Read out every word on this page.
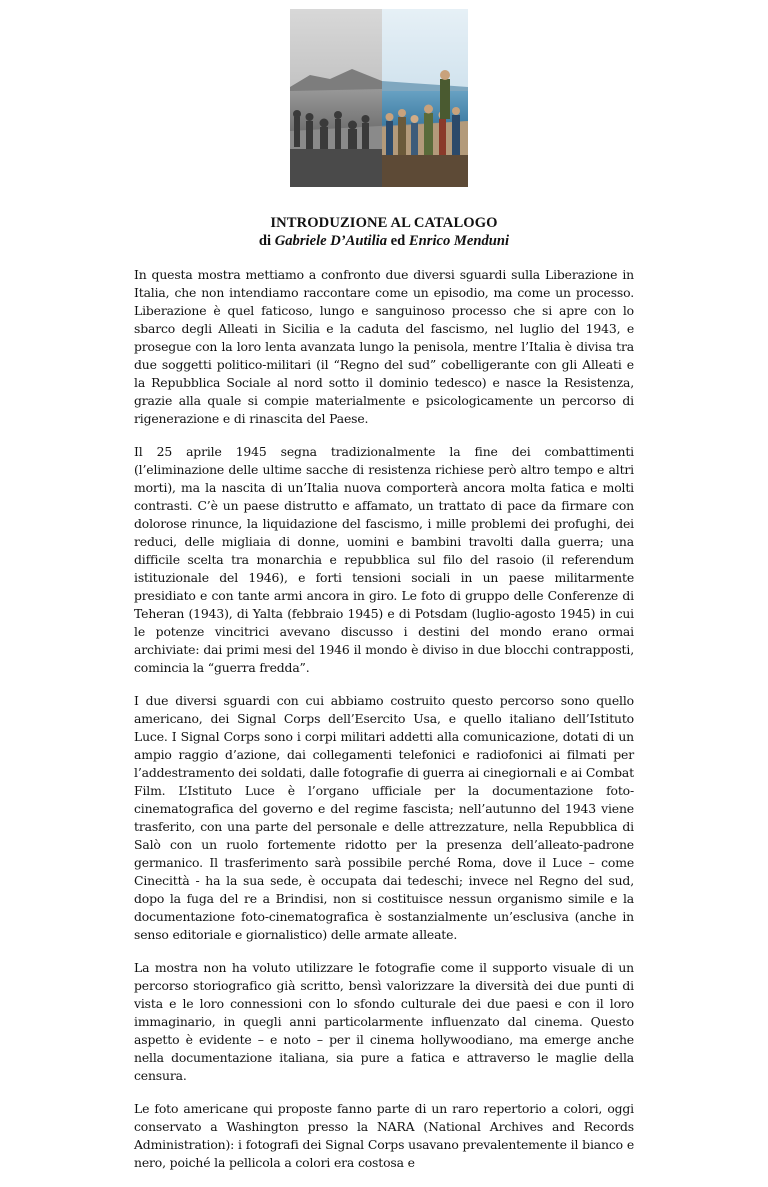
INTRODUZIONE AL CATALOGO
di Gabriele D’Autilia ed Enrico Menduni

In questa mostra mettiamo a confronto due diversi sguardi sulla Liberazione in Italia, che non intendiamo raccontare come un episodio, ma come un processo. Liberazione è quel faticoso, lungo e sanguinoso processo che si apre con lo sbarco degli Alleati in Sicilia e la caduta del fascismo, nel luglio del 1943, e prosegue con la loro lenta avanzata lungo la penisola, mentre l’Italia è divisa tra due soggetti politico-militari (il “Regno del sud” cobelligerante con gli Alleati e la Repubblica Sociale al nord sotto il dominio tedesco) e nasce la Resistenza, grazie alla quale si compie materialmente e psicologicamente un percorso di rigenerazione e di rinascita del Paese.

Il 25 aprile 1945 segna tradizionalmente la fine dei combattimenti (l’eliminazione delle ultime sacche di resistenza richiese però altro tempo e altri morti), ma la nascita di un’Italia nuova comporterà ancora molta fatica e molti contrasti. C’è un paese distrutto e affamato, un trattato di pace da firmare con dolorose rinunce, la liquidazione del fascismo, i mille problemi dei profughi, dei reduci, delle migliaia di donne, uomini e bambini travolti dalla guerra; una difficile scelta tra monarchia e repubblica sul filo del rasoio (il referendum istituzionale del 1946), e forti tensioni sociali in un paese militarmente presidiato e con tante armi ancora in giro. Le foto di gruppo delle Conferenze di Teheran (1943), di Yalta (febbraio 1945) e di Potsdam (luglio-agosto 1945) in cui le potenze vincitrici avevano discusso i destini del mondo erano ormai archiviate: dai primi mesi del 1946 il mondo è diviso in due blocchi contrapposti, comincia la “guerra fredda”.

I due diversi sguardi con cui abbiamo costruito questo percorso sono quello americano, dei Signal Corps dell’Esercito Usa, e quello italiano dell’Istituto Luce. I Signal Corps sono i corpi militari addetti alla comunicazione, dotati di un ampio raggio d’azione, dai collegamenti telefonici e radiofonici ai filmati per l’addestramento dei soldati, dalle fotografie di guerra ai cinegiornali e ai Combat Film. L’Istituto Luce è l’organo ufficiale per la documentazione foto-cinematografica del governo e del regime fascista; nell’autunno del 1943 viene trasferito, con una parte del personale e delle attrezzature, nella Repubblica di Salò con un ruolo fortemente ridotto per la presenza dell’alleato-padrone germanico. Il trasferimento sarà possibile perché Roma, dove il Luce – come Cinecittà - ha la sua sede, è occupata dai tedeschi; invece nel Regno del sud, dopo la fuga del re a Brindisi, non si costituisce nessun organismo simile e la documentazione foto-cinematografica è sostanzialmente un’esclusiva (anche in senso editoriale e giornalistico) delle armate alleate.

La mostra non ha voluto utilizzare le fotografie come il supporto visuale di un percorso storiografico già scritto, bensì valorizzare la diversità dei due punti di vista e le loro connessioni con lo sfondo culturale dei due paesi e con il loro immaginario, in quegli anni particolarmente influenzato dal cinema. Questo aspetto è evidente – e noto – per il cinema hollywoodiano, ma emerge anche nella documentazione italiana, sia pure a fatica e attraverso le maglie della censura.

Le foto americane qui proposte fanno parte di un raro repertorio a colori, oggi conservato a Washington presso la NARA (National Archives and Records Administration): i fotografi dei Signal Corps usavano prevalentemente il bianco e nero, poiché la pellicola a colori era costosa e
